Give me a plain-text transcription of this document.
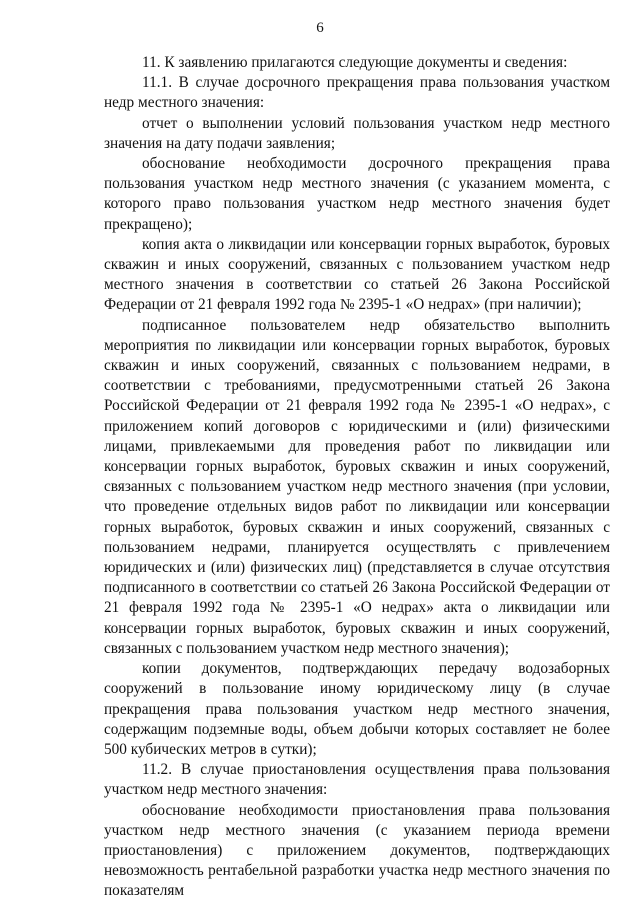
6

11. К заявлению прилагаются следующие документы и сведения:

11.1. В случае досрочного прекращения права пользования участком недр местного значения:

отчет о выполнении условий пользования участком недр местного значения на дату подачи заявления;

обоснование необходимости досрочного прекращения права пользования участком недр местного значения (с указанием момента, с которого право пользования участком недр местного значения будет прекращено);

копия акта о ликвидации или консервации горных выработок, буровых скважин и иных сооружений, связанных с пользованием участком недр местного значения в соответствии со статьей 26 Закона Российской Федерации от 21 февраля 1992 года № 2395-1 «О недрах» (при наличии);

подписанное пользователем недр обязательство выполнить мероприятия по ликвидации или консервации горных выработок, буровых скважин и иных сооружений, связанных с пользованием недрами, в соответствии с требованиями, предусмотренными статьей 26 Закона Российской Федерации от 21 февраля 1992 года № 2395-1 «О недрах», с приложением копий договоров с юридическими и (или) физическими лицами, привлекаемыми для проведения работ по ликвидации или консервации горных выработок, буровых скважин и иных сооружений, связанных с пользованием участком недр местного значения (при условии, что проведение отдельных видов работ по ликвидации или консервации горных выработок, буровых скважин и иных сооружений, связанных с пользованием недрами, планируется осуществлять с привлечением юридических и (или) физических лиц) (представляется в случае отсутствия подписанного в соответствии со статьей 26 Закона Российской Федерации от 21 февраля 1992 года № 2395-1 «О недрах» акта о ликвидации или консервации горных выработок, буровых скважин и иных сооружений, связанных с пользованием участком недр местного значения);

копии документов, подтверждающих передачу водозаборных сооружений в пользование иному юридическому лицу (в случае прекращения права пользования участком недр местного значения, содержащим подземные воды, объем добычи которых составляет не более 500 кубических метров в сутки);

11.2. В случае приостановления осуществления права пользования участком недр местного значения:

обоснование необходимости приостановления права пользования участком недр местного значения (с указанием периода времени приостановления) с приложением документов, подтверждающих невозможность рентабельной разработки участка недр местного значения по показателям
